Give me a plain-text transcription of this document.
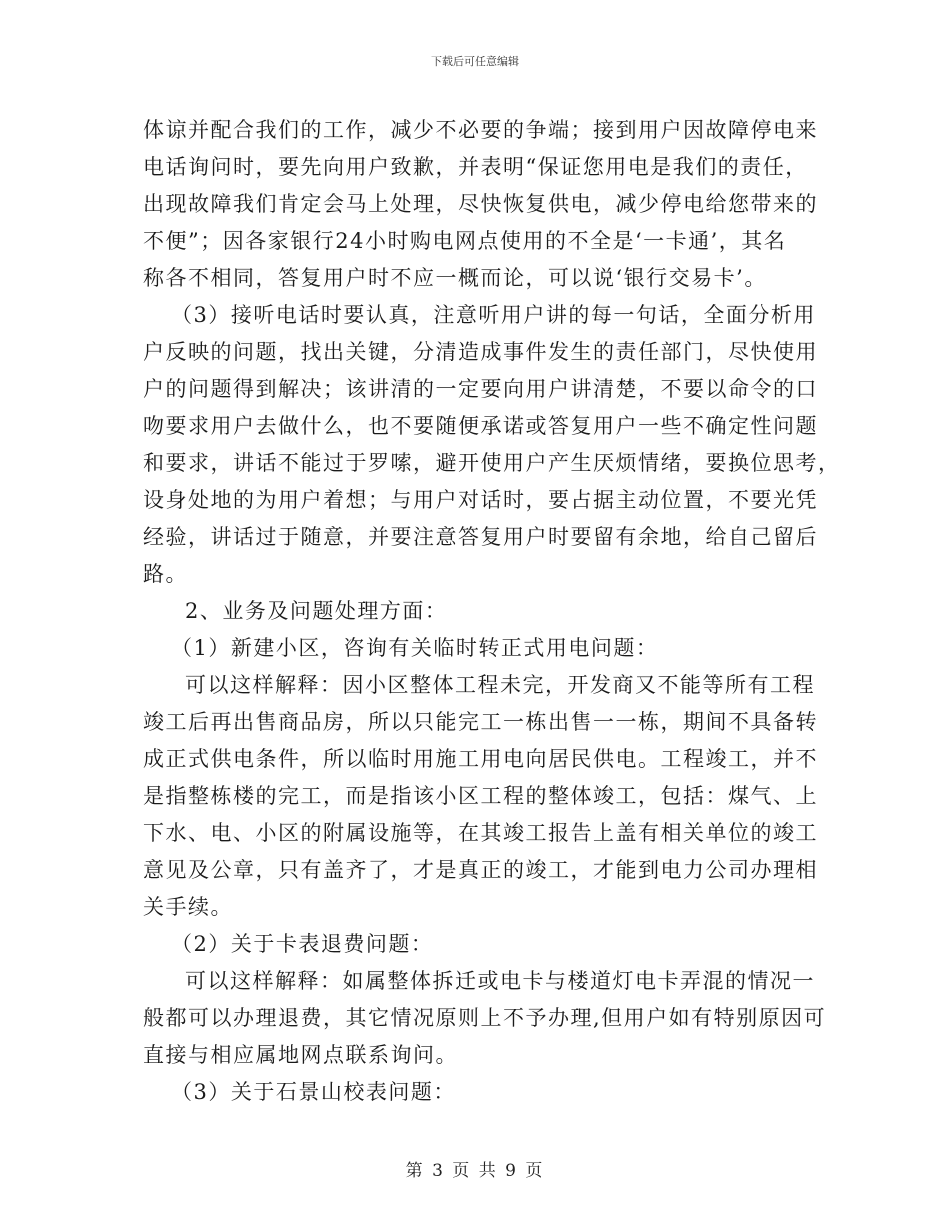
下载后可任意编辑
体谅并配合我们的工作，减少不必要的争端；接到用户因故障停电来
电话询问时，要先向用户致歉，并表明“保证您用电是我们的责任，
出现故障我们肯定会马上处理，尽快恢复供电，减少停电给您带来的
不便”；因各家银行24小时购电网点使用的不全是‘一卡通’，其名
称各不相同，答复用户时不应一概而论，可以说‘银行交易卡’。
（3）接听电话时要认真，注意听用户讲的每一句话，全面分析用
户反映的问题，找出关键，分清造成事件发生的责任部门，尽快使用
户的问题得到解决；该讲清的一定要向用户讲清楚，不要以命令的口
吻要求用户去做什么，也不要随便承诺或答复用户一些不确定性问题
和要求，讲话不能过于罗嗦，避开使用户产生厌烦情绪，要换位思考，
设身处地的为用户着想；与用户对话时，要占据主动位置，不要光凭
经验，讲话过于随意，并要注意答复用户时要留有余地，给自己留后
路。
2、业务及问题处理方面：
（1）新建小区，咨询有关临时转正式用电问题：
可以这样解释：因小区整体工程未完，开发商又不能等所有工程
竣工后再出售商品房，所以只能完工一栋出售一一栋，期间不具备转
成正式供电条件，所以临时用施工用电向居民供电。工程竣工，并不
是指整栋楼的完工，而是指该小区工程的整体竣工，包括：煤气、上
下水、电、小区的附属设施等，在其竣工报告上盖有相关单位的竣工
意见及公章，只有盖齐了，才是真正的竣工，才能到电力公司办理相
关手续。
（2）关于卡表退费问题：
可以这样解释：如属整体拆迁或电卡与楼道灯电卡弄混的情况一
般都可以办理退费，其它情况原则上不予办理,但用户如有特别原因可
直接与相应属地网点联系询问。
（3）关于石景山校表问题：
第 3 页 共 9 页
